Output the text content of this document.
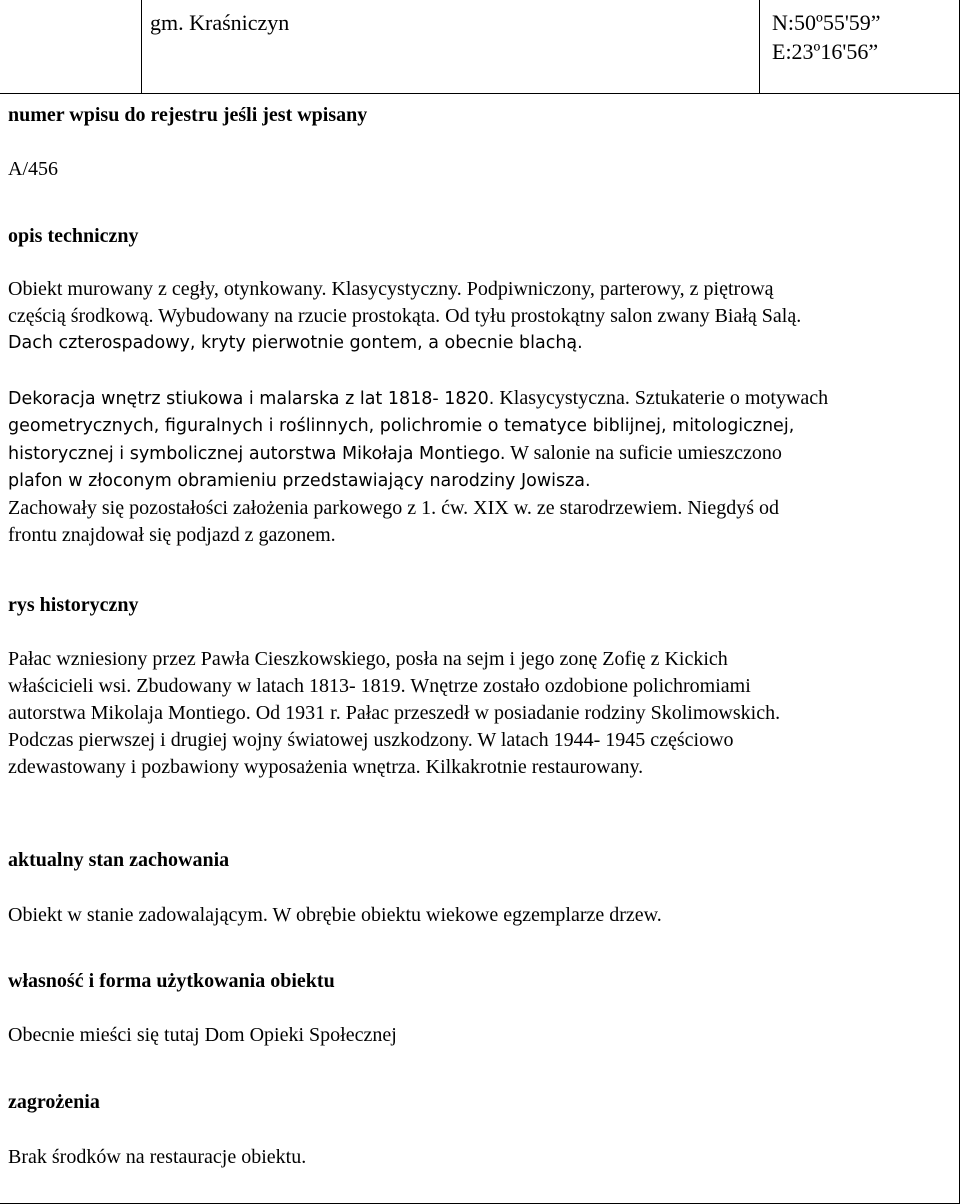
gm. Kraśniczyn	N:50º55'59”
E:23º16'56”
numer wpisu do rejestru jeśli jest wpisany
A/456
opis techniczny
Obiekt murowany z cegły, otynkowany. Klasycystyczny. Podpiwniczony, parterowy, z piętrową
częścią środkową. Wybudowany na rzucie prostokąta. Od tyłu prostokątny salon zwany Białą Salą.
Dach czterospadowy, kryty pierwotnie gontem, a obecnie blachą.
Dekoracja wnętrz stiukowa i malarska z lat 1818- 1820. Klasycystyczna. Sztukaterie o motywach
geometrycznych, figuralnych i roślinnych, polichromie o tematyce biblijnej, mitologicznej,
historycznej i symbolicznej autorstwa Mikołaja Montiego. W salonie na suficie umieszczono
plafon w złoconym obramieniu przedstawiający narodziny Jowisza.
Zachowały się pozostałości założenia parkowego z 1. ćw. XIX w. ze starodrzewiem. Niegdyś od
frontu znajdował się podjazd z gazonem.
rys historyczny
Pałac wzniesiony przez Pawła Cieszkowskiego, posła na sejm i jego zonę Zofię z Kickich
właścicieli wsi. Zbudowany w latach 1813- 1819. Wnętrze zostało ozdobione polichromiami
autorstwa Mikolaja Montiego. Od 1931 r. Pałac przeszedł w posiadanie rodziny Skolimowskich.
Podczas pierwszej i drugiej wojny światowej uszkodzony. W latach 1944- 1945 częściowo
zdewastowany i pozbawiony wyposażenia wnętrza. Kilkakrotnie restaurowany.
aktualny stan zachowania
Obiekt w stanie zadowalającym. W obrębie obiektu wiekowe egzemplarze drzew.
własność i forma użytkowania obiektu
Obecnie mieści się tutaj Dom Opieki Społecznej
zagrożenia
Brak środków na restauracje obiektu.
